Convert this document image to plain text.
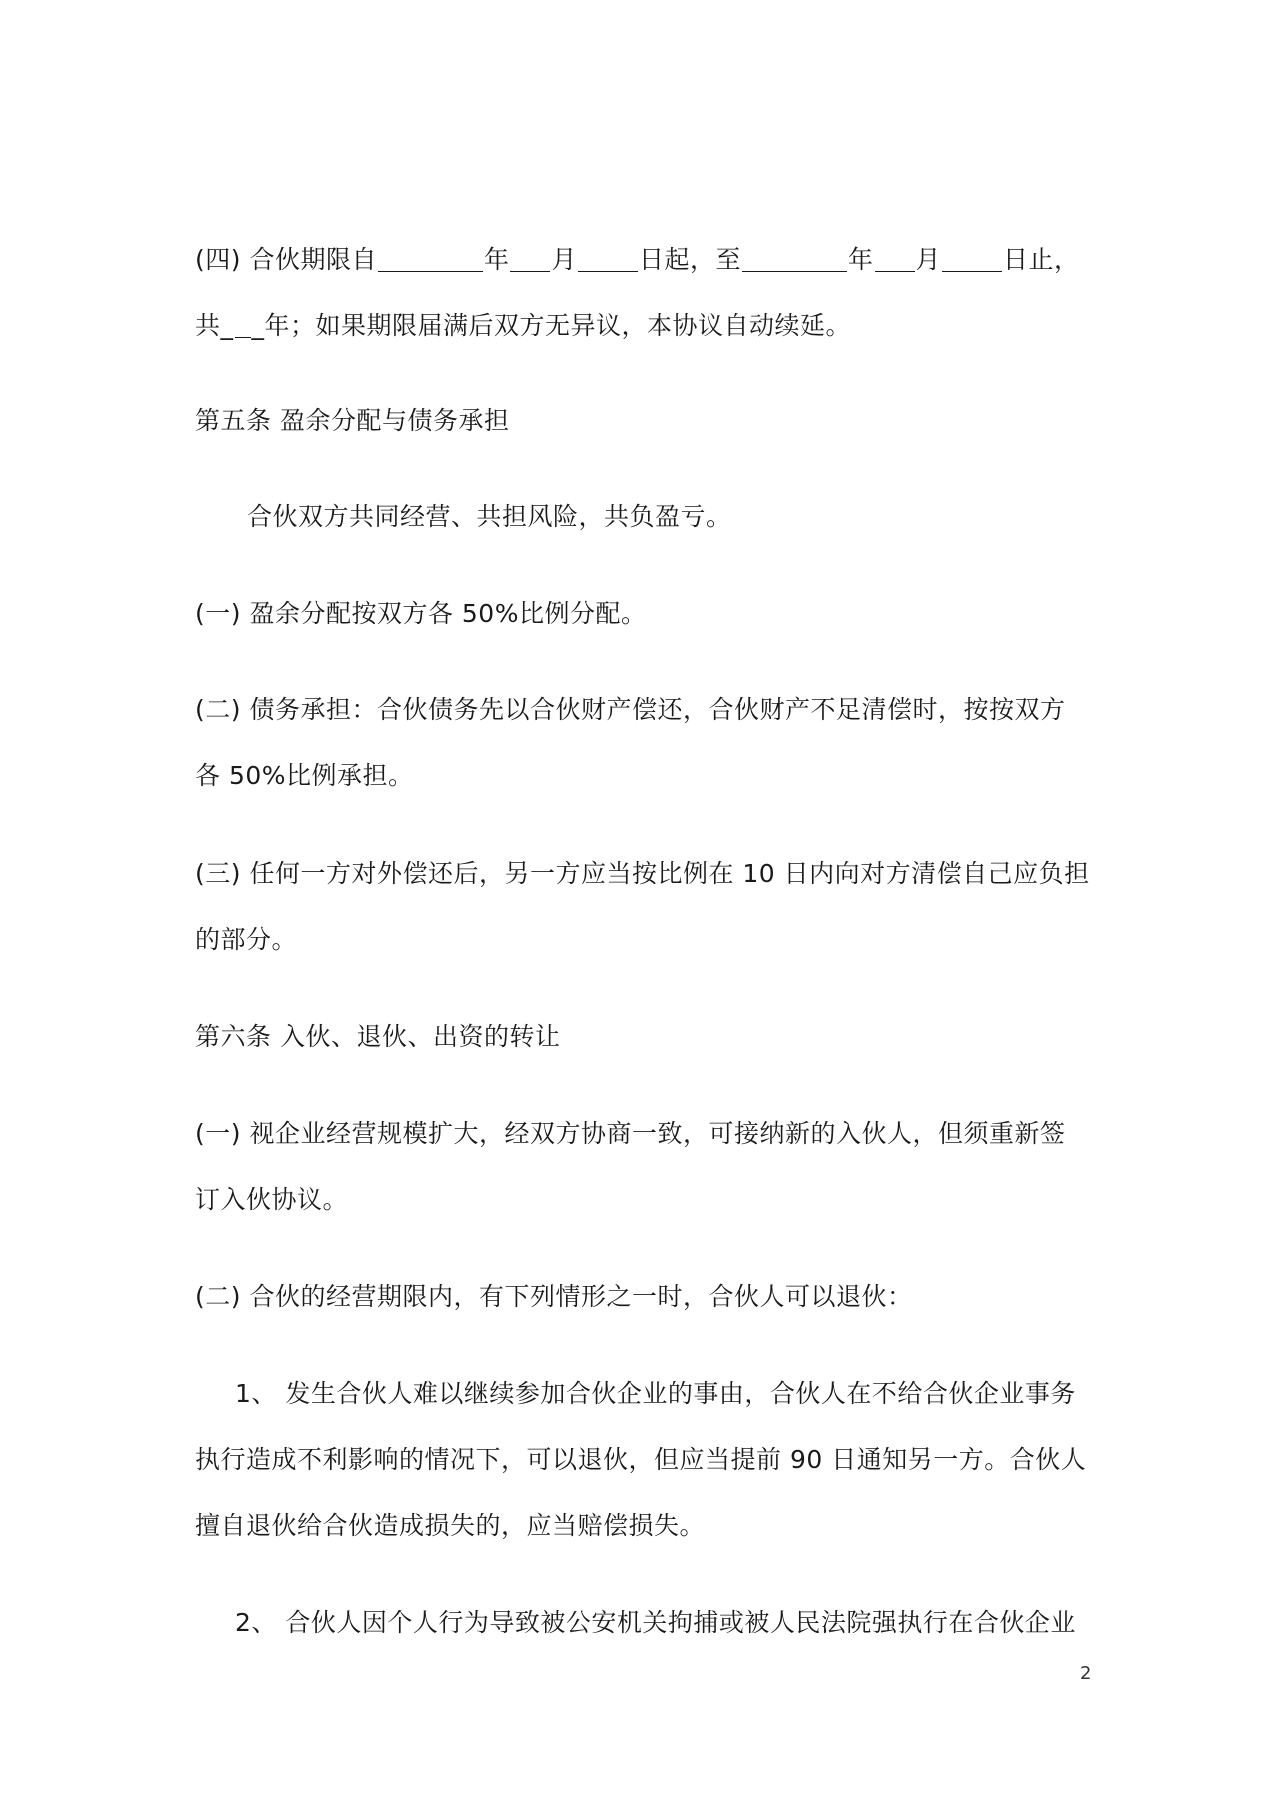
(四) 合伙期限自	年 月 日起，至	年 月 日止，
共_ _年；如果期限届满后双方无异议，本协议自动续延。
第五条 盈余分配与债务承担
合伙双方共同经营、共担风险，共负盈亏。
(一) 盈余分配按双方各 50%比例分配。
(二) 债务承担：合伙债务先以合伙财产偿还，合伙财产不足清偿时，按按双方
各 50%比例承担。
(三) 任何一方对外偿还后，另一方应当按比例在 10 日内向对方清偿自己应负担
的部分。
第六条 入伙、退伙、出资的转让
(一) 视企业经营规模扩大，经双方协商一致，可接纳新的入伙人，但须重新签
订入伙协议。
(二) 合伙的经营期限内，有下列情形之一时，合伙人可以退伙：
1、 发生合伙人难以继续参加合伙企业的事由，合伙人在不给合伙企业事务
执行造成不利影响的情况下，可以退伙，但应当提前 90 日通知另一方。合伙人
擅自退伙给合伙造成损失的，应当赔偿损失。
2、 合伙人因个人行为导致被公安机关拘捕或被人民法院强执行在合伙企业
2
